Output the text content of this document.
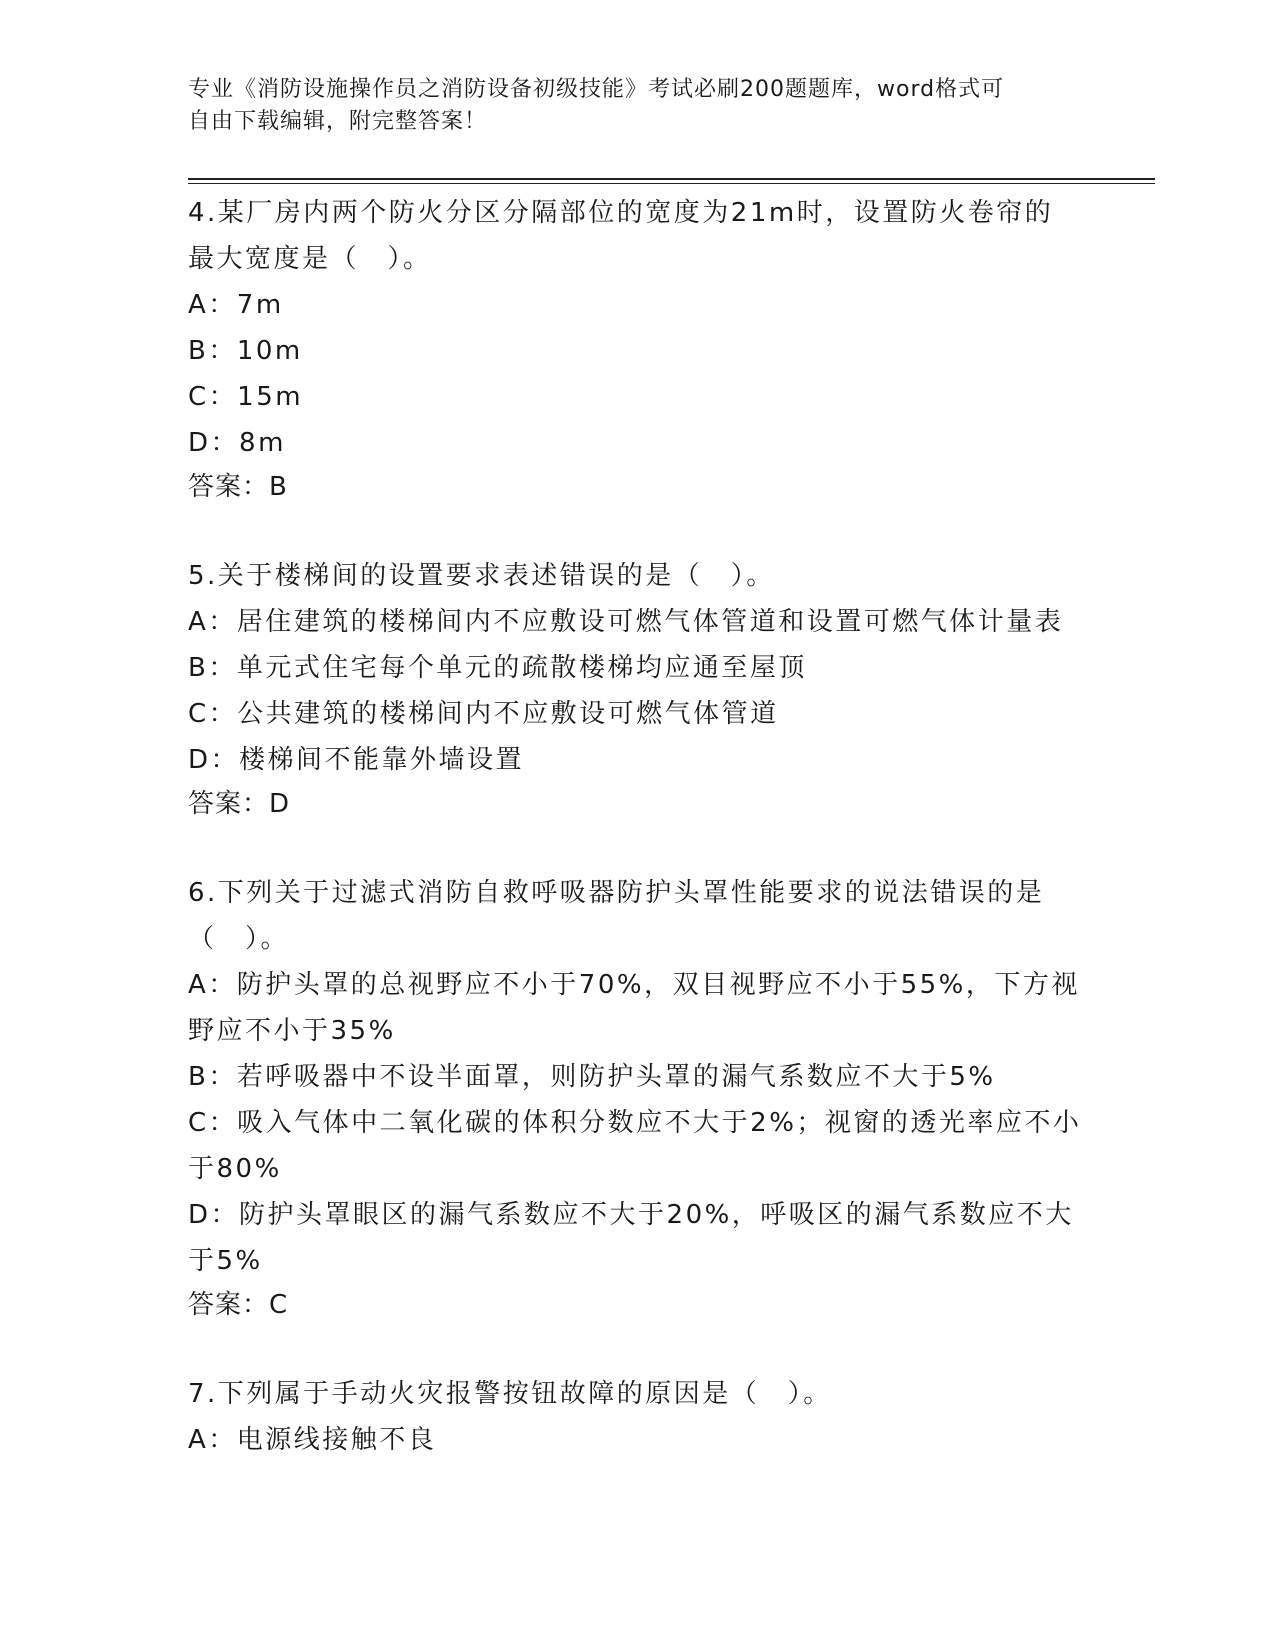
专业《消防设施操作员之消防设备初级技能》考试必刷200题题库，word格式可
自由下载编辑，附完整答案！
4.某厂房内两个防火分区分隔部位的宽度为21m时，设置防火卷帘的
最大宽度是（　）。
A：7m
B：10m
C：15m
D：8m
答案：B
5.关于楼梯间的设置要求表述错误的是（　）。
A：居住建筑的楼梯间内不应敷设可燃气体管道和设置可燃气体计量表
B：单元式住宅每个单元的疏散楼梯均应通至屋顶
C：公共建筑的楼梯间内不应敷设可燃气体管道
D：楼梯间不能靠外墙设置
答案：D
6.下列关于过滤式消防自救呼吸器防护头罩性能要求的说法错误的是
（　）。
A：防护头罩的总视野应不小于70%，双目视野应不小于55%，下方视
野应不小于35%
B：若呼吸器中不设半面罩，则防护头罩的漏气系数应不大于5%
C：吸入气体中二氧化碳的体积分数应不大于2%；视窗的透光率应不小
于80%
D：防护头罩眼区的漏气系数应不大于20%，呼吸区的漏气系数应不大
于5%
答案：C
7.下列属于手动火灾报警按钮故障的原因是（　）。
A：电源线接触不良
